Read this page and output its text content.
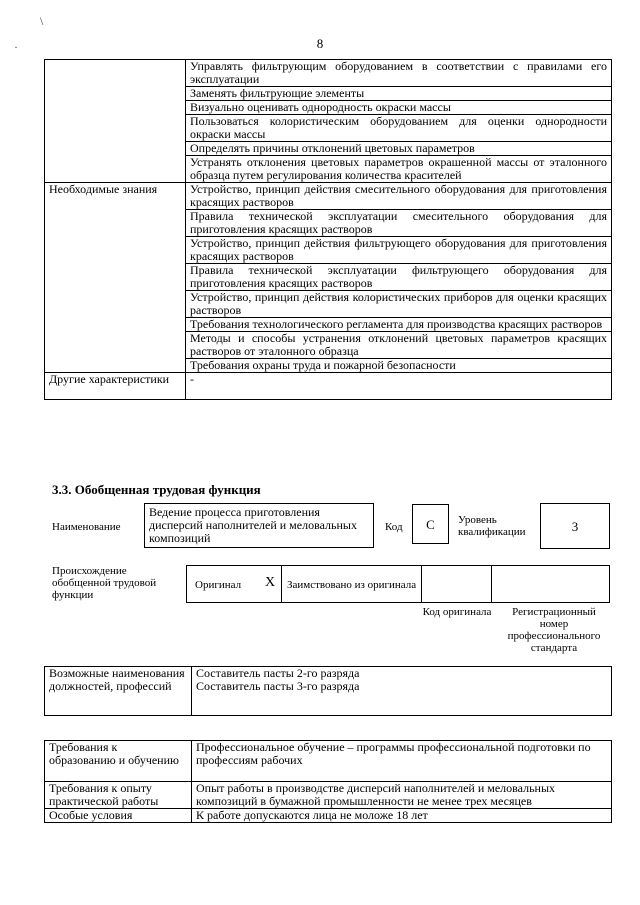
\
·	8
	Управлять фильтрующим оборудованием в соответствии с правилами его эксплуатации
	Заменять фильтрующие элементы
	Визуально оценивать однородность окраски массы
	Пользоваться колористическим оборудованием для оценки однородности окраски массы
	Определять причины отклонений цветовых параметров
	Устранять отклонения цветовых параметров окрашенной массы от эталонного образца путем регулирования количества красителей
Необходимые знания	Устройство, принцип действия смесительного оборудования для приготовления красящих растворов
	Правила технической эксплуатации смесительного оборудования для приготовления красящих растворов
	Устройство, принцип действия фильтрующего оборудования для приготовления красящих растворов
	Правила технической эксплуатации фильтрующего оборудования для приготовления красящих растворов
	Устройство, принцип действия колористических приборов для оценки красящих растворов
	Требования технологического регламента для производства красящих растворов
	Методы и способы устранения отклонений цветовых параметров красящих растворов от эталонного образца
	Требования охраны труда и пожарной безопасности
Другие характеристики	-
3.3. Обобщенная трудовая функция
Наименование
Ведение процесса приготовления дисперсий наполнителей и меловальных композиций
Код	С	Уровень квалификации	3
Происхождение обобщенной трудовой функции
Оригинал X Заимствовано из оригинала
Код оригинала	Регистрационный номер профессионального стандарта
Возможные наименования должностей, профессий	
Составитель пасты 2-го разряда
Составитель пасты 3-го разряда
Требования к образованию и обучению	Профессиональное обучение – программы профессиональной подготовки по профессиям рабочих
Требования к опыту практической работы	Опыт работы в производстве дисперсий наполнителей и меловальных композиций в бумажной промышленности не менее трех месяцев
Особые условия	К работе допускаются лица не моложе 18 лет
